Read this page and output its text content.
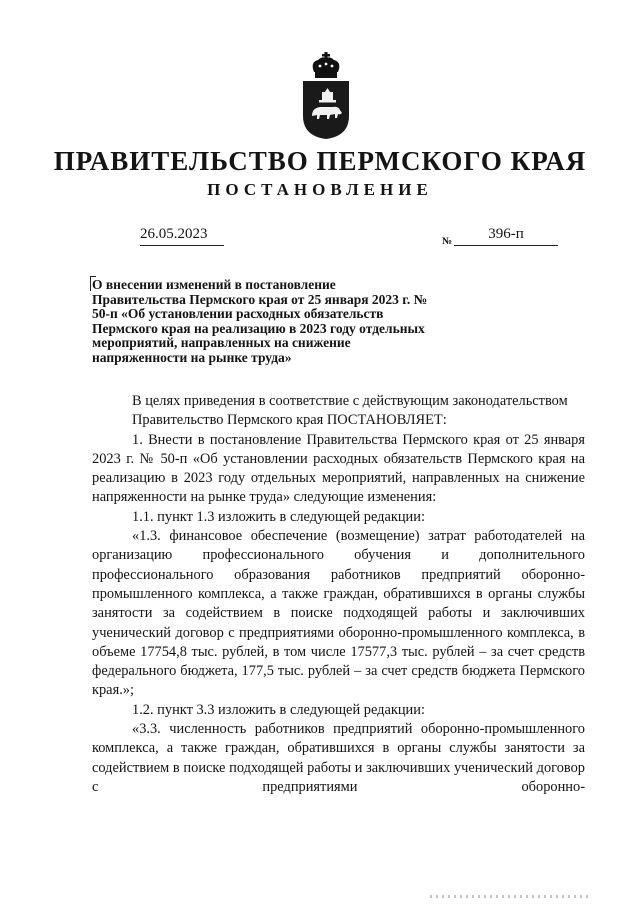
ПРАВИТЕЛЬСТВО ПЕРМСКОГО КРАЯ
ПОСТАНОВЛЕНИЕ
26.05.2023	№	396-п
О внесении изменений в постановление Правительства Пермского края от 25 января 2023 г. № 50-п «Об установлении расходных обязательств Пермского края на реализацию в 2023 году отдельных мероприятий, направленных на снижение напряженности на рынке труда»

В целях приведения в соответствие с действующим законодательством

Правительство Пермского края ПОСТАНОВЛЯЕТ:

1. Внести в постановление Правительства Пермского края от 25 января 2023 г. № 50-п «Об установлении расходных обязательств Пермского края на реализацию в 2023 году отдельных мероприятий, направленных на снижение напряженности на рынке труда» следующие изменения:

1.1. пункт 1.3 изложить в следующей редакции:

«1.3. финансовое обеспечение (возмещение) затрат работодателей на организацию профессионального обучения и дополнительного профессионального образования работников предприятий оборонно-промышленного комплекса, а также граждан, обратившихся в органы службы занятости за содействием в поиске подходящей работы и заключивших ученический договор с предприятиями оборонно-промышленного комплекса, в объеме 17754,8 тыс. рублей, в том числе 17577,3 тыс. рублей – за счет средств федерального бюджета, 177,5 тыс. рублей – за счет средств бюджета Пермского края.»;

1.2. пункт 3.3 изложить в следующей редакции:

«3.3. численность работников предприятий оборонно-промышленного комплекса, а также граждан, обратившихся в органы службы занятости за содействием в поиске подходящей работы и заключивших ученический договор с предприятиями оборонно-
